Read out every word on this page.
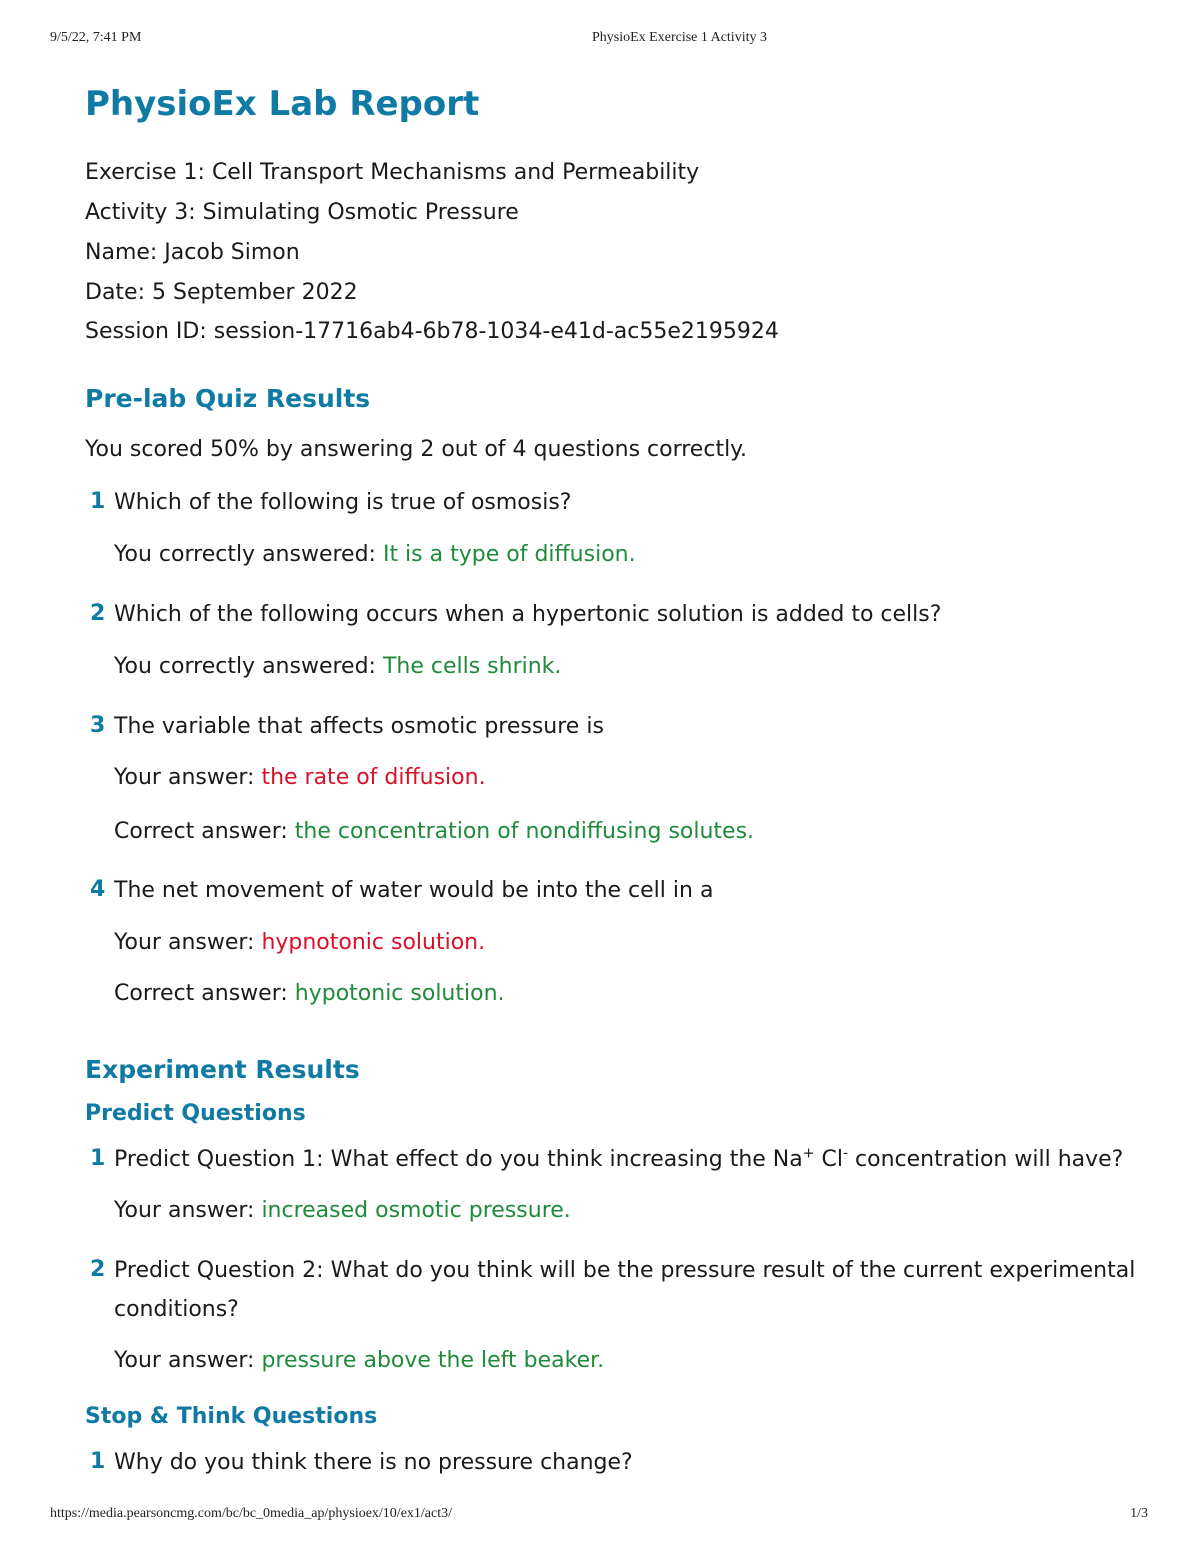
9/5/22, 7:41 PM	PhysioEx Exercise 1 Activity 3
PhysioEx Lab Report
Exercise 1: Cell Transport Mechanisms and Permeability
Activity 3: Simulating Osmotic Pressure
Name: Jacob Simon
Date: 5 September 2022
Session ID: session-17716ab4-6b78-1034-e41d-ac55e2195924
Pre-lab Quiz Results
You scored 50% by answering 2 out of 4 questions correctly.
1 Which of the following is true of osmosis?
You correctly answered: It is a type of diffusion.
2 Which of the following occurs when a hypertonic solution is added to cells?
You correctly answered: The cells shrink.
3 The variable that affects osmotic pressure is
Your answer: the rate of diffusion.
Correct answer: the concentration of nondiffusing solutes.
4 The net movement of water would be into the cell in a
Your answer: hypnotonic solution.
Correct answer: hypotonic solution.
Experiment Results
Predict Questions
1 Predict Question 1: What effect do you think increasing the Na+ Cl- concentration will have?
Your answer: increased osmotic pressure.
2 Predict Question 2: What do you think will be the pressure result of the current experimental conditions?
Your answer: pressure above the left beaker.
Stop & Think Questions
1 Why do you think there is no pressure change?
https://media.pearsoncmg.com/bc/bc_0media_ap/physioex/10/ex1/act3/	1/3
